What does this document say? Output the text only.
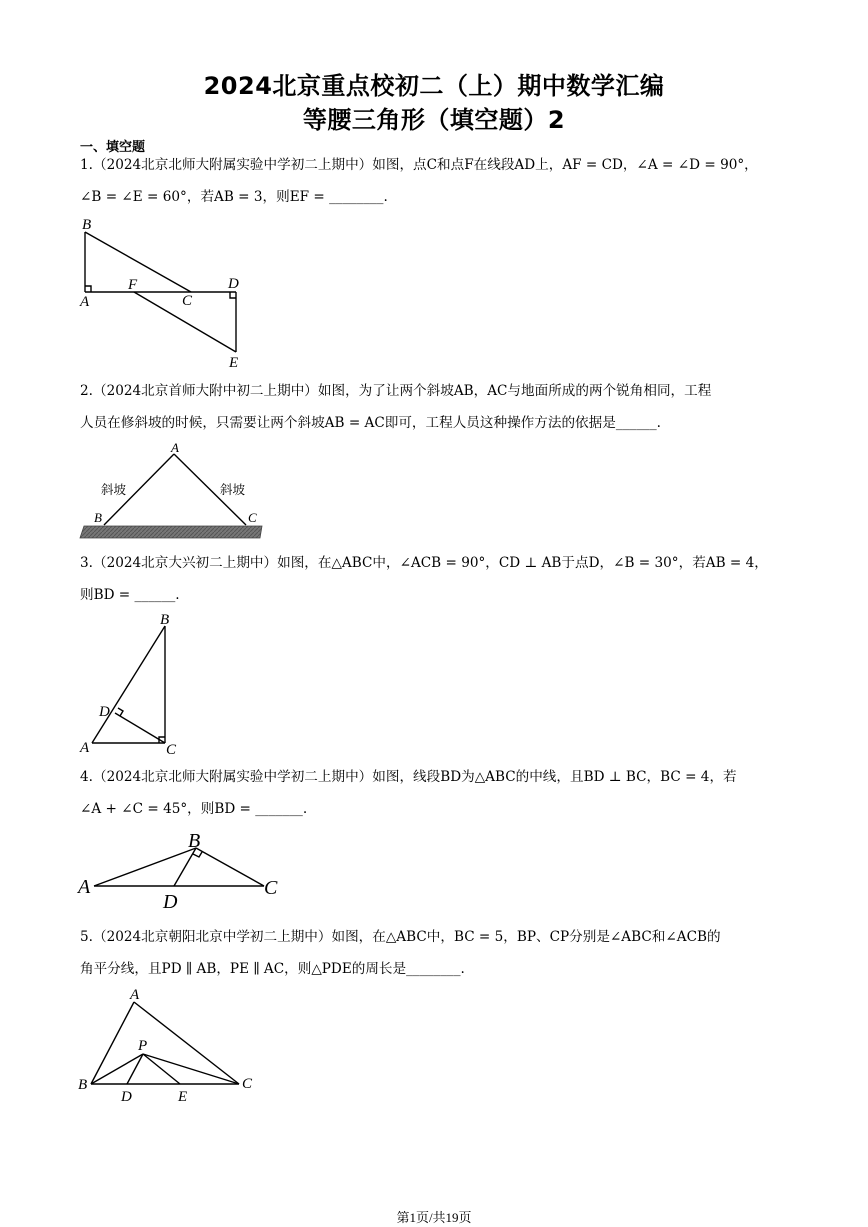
2024北京重点校初二（上）期中数学汇编
等腰三角形（填空题）2
一、填空题
1.（2024北京北师大附属实验中学初二上期中）如图，点C和点F在线段AD上，AF = CD，∠A = ∠D = 90°，
∠B = ∠E = 60°，若AB = 3，则EF = ________.
B
A
F
C
D
E
2.（2024北京首师大附中初二上期中）如图，为了让两个斜坡AB，AC与地面所成的两个锐角相同，工程
人员在修斜坡的时候，只需要让两个斜坡AB = AC即可，工程人员这种操作方法的依据是______.
A
B	C
斜坡	斜坡
3.（2024北京大兴初二上期中）如图，在△ABC中，∠ACB = 90°，CD ⊥ AB于点D，∠B = 30°，若AB = 4，
则BD = ______.
B
D
A	C
4.（2024北京北师大附属实验中学初二上期中）如图，线段BD为△ABC的中线，且BD ⊥ BC，BC = 4，若
∠A + ∠C = 45°，则BD = _______.
B
A
D
C
5.（2024北京朝阳北京中学初二上期中）如图，在△ABC中，BC = 5，BP、CP分别是∠ABC和∠ACB的
角平分线，且PD ∥ AB，PE ∥ AC，则△PDE的周长是________.
A
P
B
D	E
C
第1页/共19页
